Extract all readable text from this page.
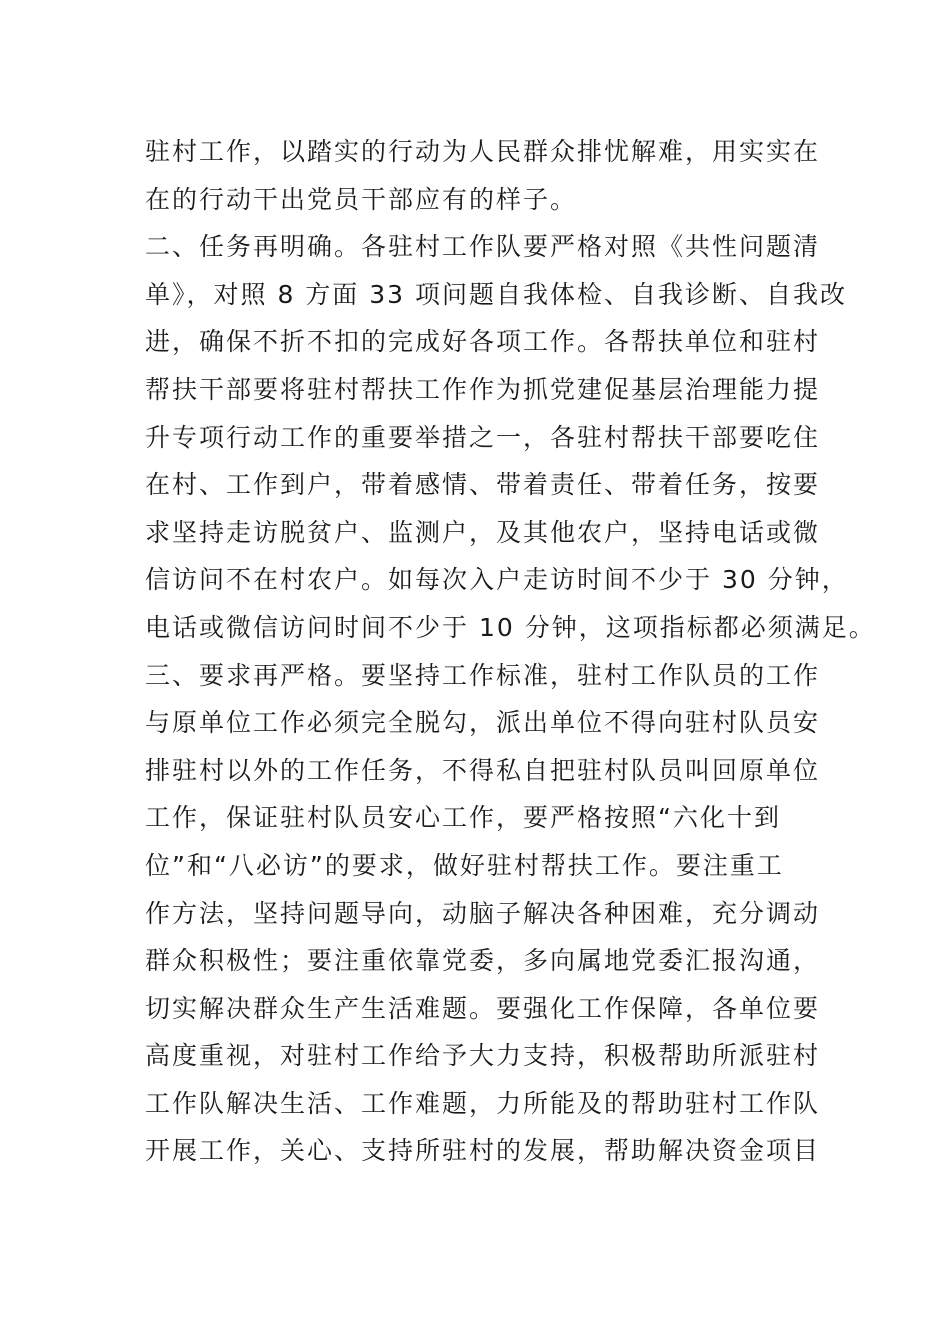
驻村工作，以踏实的行动为人民群众排忧解难，用实实在
在的行动干出党员干部应有的样子。
二、任务再明确。各驻村工作队要严格对照《共性问题清
单》，对照 8 方面 33 项问题自我体检、自我诊断、自我改
进，确保不折不扣的完成好各项工作。各帮扶单位和驻村
帮扶干部要将驻村帮扶工作作为抓党建促基层治理能力提
升专项行动工作的重要举措之一，各驻村帮扶干部要吃住
在村、工作到户，带着感情、带着责任、带着任务，按要
求坚持走访脱贫户、监测户，及其他农户，坚持电话或微
信访问不在村农户。如每次入户走访时间不少于 30 分钟，
电话或微信访问时间不少于 10 分钟，这项指标都必须满足。
三、要求再严格。要坚持工作标准，驻村工作队员的工作
与原单位工作必须完全脱勾，派出单位不得向驻村队员安
排驻村以外的工作任务，不得私自把驻村队员叫回原单位
工作，保证驻村队员安心工作，要严格按照“六化十到
位”和“八必访”的要求，做好驻村帮扶工作。要注重工
作方法，坚持问题导向，动脑子解决各种困难，充分调动
群众积极性；要注重依靠党委，多向属地党委汇报沟通，
切实解决群众生产生活难题。要强化工作保障，各单位要
高度重视，对驻村工作给予大力支持，积极帮助所派驻村
工作队解决生活、工作难题，力所能及的帮助驻村工作队
开展工作，关心、支持所驻村的发展，帮助解决资金项目
